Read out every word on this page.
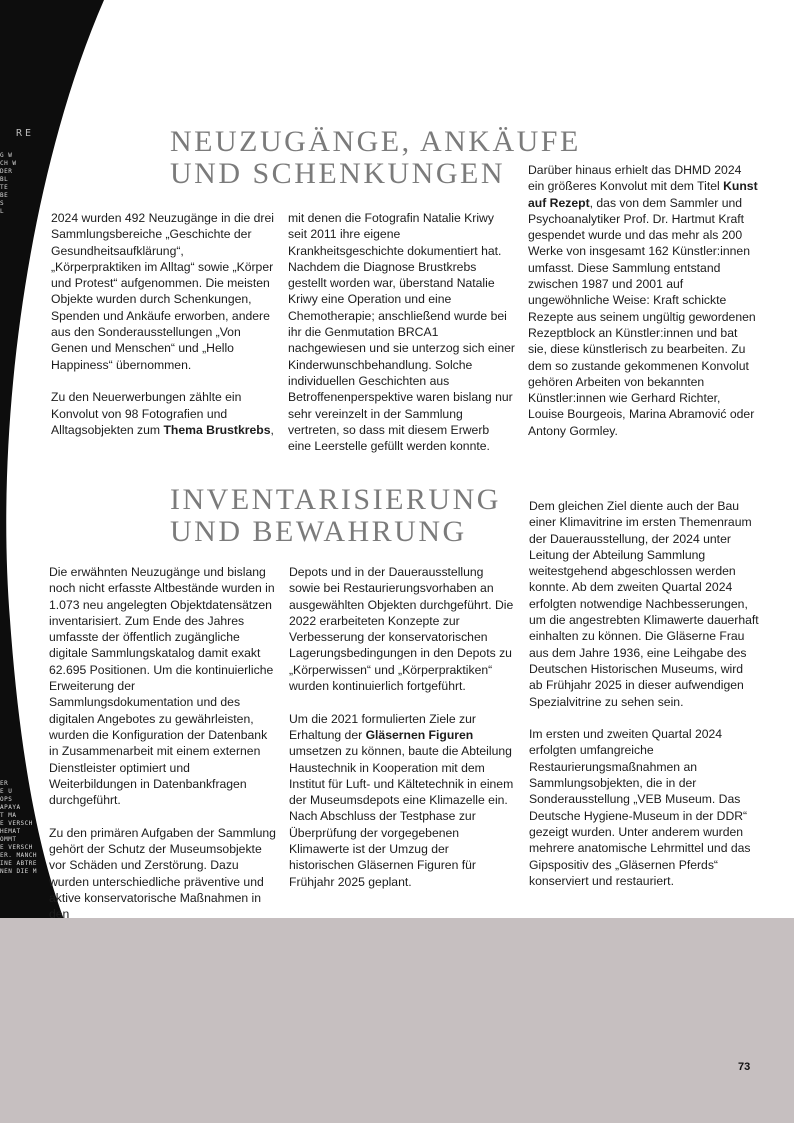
RE
G W
CH W
DER
BL
TE
BE
S
L
ER
E U
OPS
APAYA
T MA
E VERSCH
HEMAT
OMMT
E VERSCH
ER. MANCH
INE ABTRE
NEN DIE M
NEUZUGÄNGE, ANKÄUFE
UND SCHENKUNGEN

2024 wurden 492 Neuzugänge in die drei Sammlungsbereiche „Geschichte der Gesundheitsaufklärung“, „Körperpraktiken im Alltag“ sowie „Körper und Protest“ aufgenommen. Die meisten Objekte wurden durch Schenkungen, Spenden und Ankäufe erworben, andere aus den Sonderausstellungen „Von Genen und Menschen“ und „Hello Happiness“ übernommen.

Zu den Neuerwerbungen zählte ein Konvolut von 98 Fotografien und Alltagsobjekten zum Thema Brustkrebs,

mit denen die Fotografin Natalie Kriwy seit 2011 ihre eigene Krankheitsgeschichte dokumentiert hat. Nachdem die Diagnose Brustkrebs gestellt worden war, überstand Natalie Kriwy eine Operation und eine Chemotherapie; anschließend wurde bei ihr die Genmutation BRCA1 nachgewiesen und sie unterzog sich einer Kinderwunschbehandlung. Solche individuellen Geschichten aus Betroffenenperspektive waren bislang nur sehr vereinzelt in der Sammlung vertreten, so dass mit diesem Erwerb eine Leerstelle gefüllt werden konnte.

Darüber hinaus erhielt das DHMD 2024 ein größeres Konvolut mit dem Titel Kunst auf Rezept, das von dem Sammler und Psychoanalytiker Prof. Dr. Hartmut Kraft gespendet wurde und das mehr als 200 Werke von insgesamt 162 Künstler:innen umfasst. Diese Sammlung entstand zwischen 1987 und 2001 auf ungewöhnliche Weise: Kraft schickte Rezepte aus seinem ungültig gewordenen Rezeptblock an Künstler:innen und bat sie, diese künstlerisch zu bearbeiten. Zu dem so zustande gekommenen Konvolut gehören Arbeiten von bekannten Künstler:innen wie Gerhard Richter, Louise Bourgeois, Marina Abramović oder Antony Gormley.

INVENTARISIERUNG
UND BEWAHRUNG

Die erwähnten Neuzugänge und bislang noch nicht erfasste Altbestände wurden in 1.073 neu angelegten Objektdatensätzen inventarisiert. Zum Ende des Jahres umfasste der öffentlich zugängliche digitale Sammlungskatalog damit exakt 62.695 Positionen. Um die kontinuierliche Erweiterung der Sammlungsdokumentation und des digitalen Angebotes zu gewährleisten, wurden die Konfiguration der Datenbank in Zusammenarbeit mit einem externen Dienstleister optimiert und Weiterbildungen in Datenbankfragen durchgeführt.

Zu den primären Aufgaben der Sammlung gehört der Schutz der Museumsobjekte vor Schäden und Zerstörung. Dazu wurden unterschiedliche präventive und aktive konservatorische Maßnahmen in den

Depots und in der Dauerausstellung sowie bei Restaurierungsvorhaben an ausgewählten Objekten durchgeführt. Die 2022 erarbeiteten Konzepte zur Verbesserung der konservatorischen Lagerungsbedingungen in den Depots zu „Körperwissen“ und „Körperpraktiken“ wurden kontinuierlich fortgeführt.

Um die 2021 formulierten Ziele zur Erhaltung der Gläsernen Figuren umsetzen zu können, baute die Abteilung Haustechnik in Kooperation mit dem Institut für Luft- und Kältetechnik in einem der Museumsdepots eine Klimazelle ein. Nach Abschluss der Testphase zur Überprüfung der vorgegebenen Klimawerte ist der Umzug der historischen Gläsernen Figuren für Frühjahr 2025 geplant.

Dem gleichen Ziel diente auch der Bau einer Klimavitrine im ersten Themenraum der Dauerausstellung, der 2024 unter Leitung der Abteilung Sammlung weitestgehend abgeschlossen werden konnte. Ab dem zweiten Quartal 2024 erfolgten notwendige Nachbesserungen, um die angestrebten Klimawerte dauerhaft einhalten zu können. Die Gläserne Frau aus dem Jahre 1936, eine Leihgabe des Deutschen Historischen Museums, wird ab Frühjahr 2025 in dieser aufwendigen Spezialvitrine zu sehen sein.

Im ersten und zweiten Quartal 2024 erfolgten umfangreiche Restaurierungsmaßnahmen an Sammlungsobjekten, die in der Sonderausstellung „VEB Museum. Das Deutsche Hygiene-Museum in der DDR“ gezeigt wurden. Unter anderem wurden mehrere anatomische Lehrmittel und das Gipspositiv des „Gläsernen Pferds“ konserviert und restauriert.

73
